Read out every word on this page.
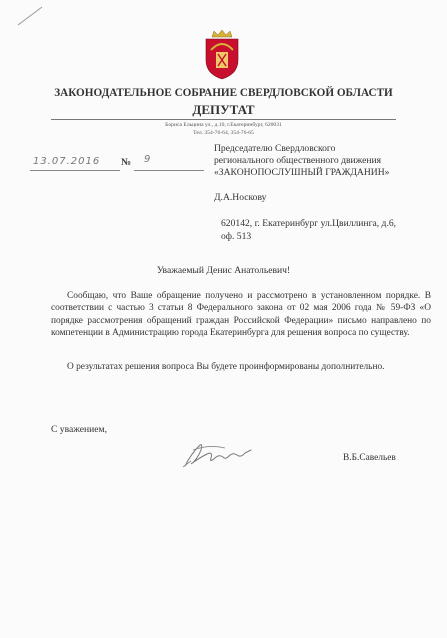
ЗАКОНОДАТЕЛЬНОЕ СОБРАНИЕ СВЕРДЛОВСКОЙ ОБЛАСТИ
ДЕПУТАТ
Бориса Ельцина ул., д.10, г.Екатеринбург, 620031
Тел. 354-76-64, 354-76-65
13.07.2016 № 9
Председателю Свердловского
регионального общественного движения
«ЗАКОНОПОСЛУШНЫЙ ГРАЖДАНИН»
Д.А.Носкову
620142, г. Екатеринбург ул.Цвиллинга, д.6,
оф. 513
Уважаемый Денис Анатольевич!
Сообщаю, что Ваше обращение получено и рассмотрено в установленном порядке. В соответствии с частью 3 статьи 8 Федерального закона от 02 мая 2006 года № 59-ФЗ «О порядке рассмотрения обращений граждан Российской Федерации» письмо направлено по компетенции в Администрацию города Екатеринбурга для решения вопроса по существу.
О результатах решения вопроса Вы будете проинформированы дополнительно.
С уважением,
В.Б.Савельев
